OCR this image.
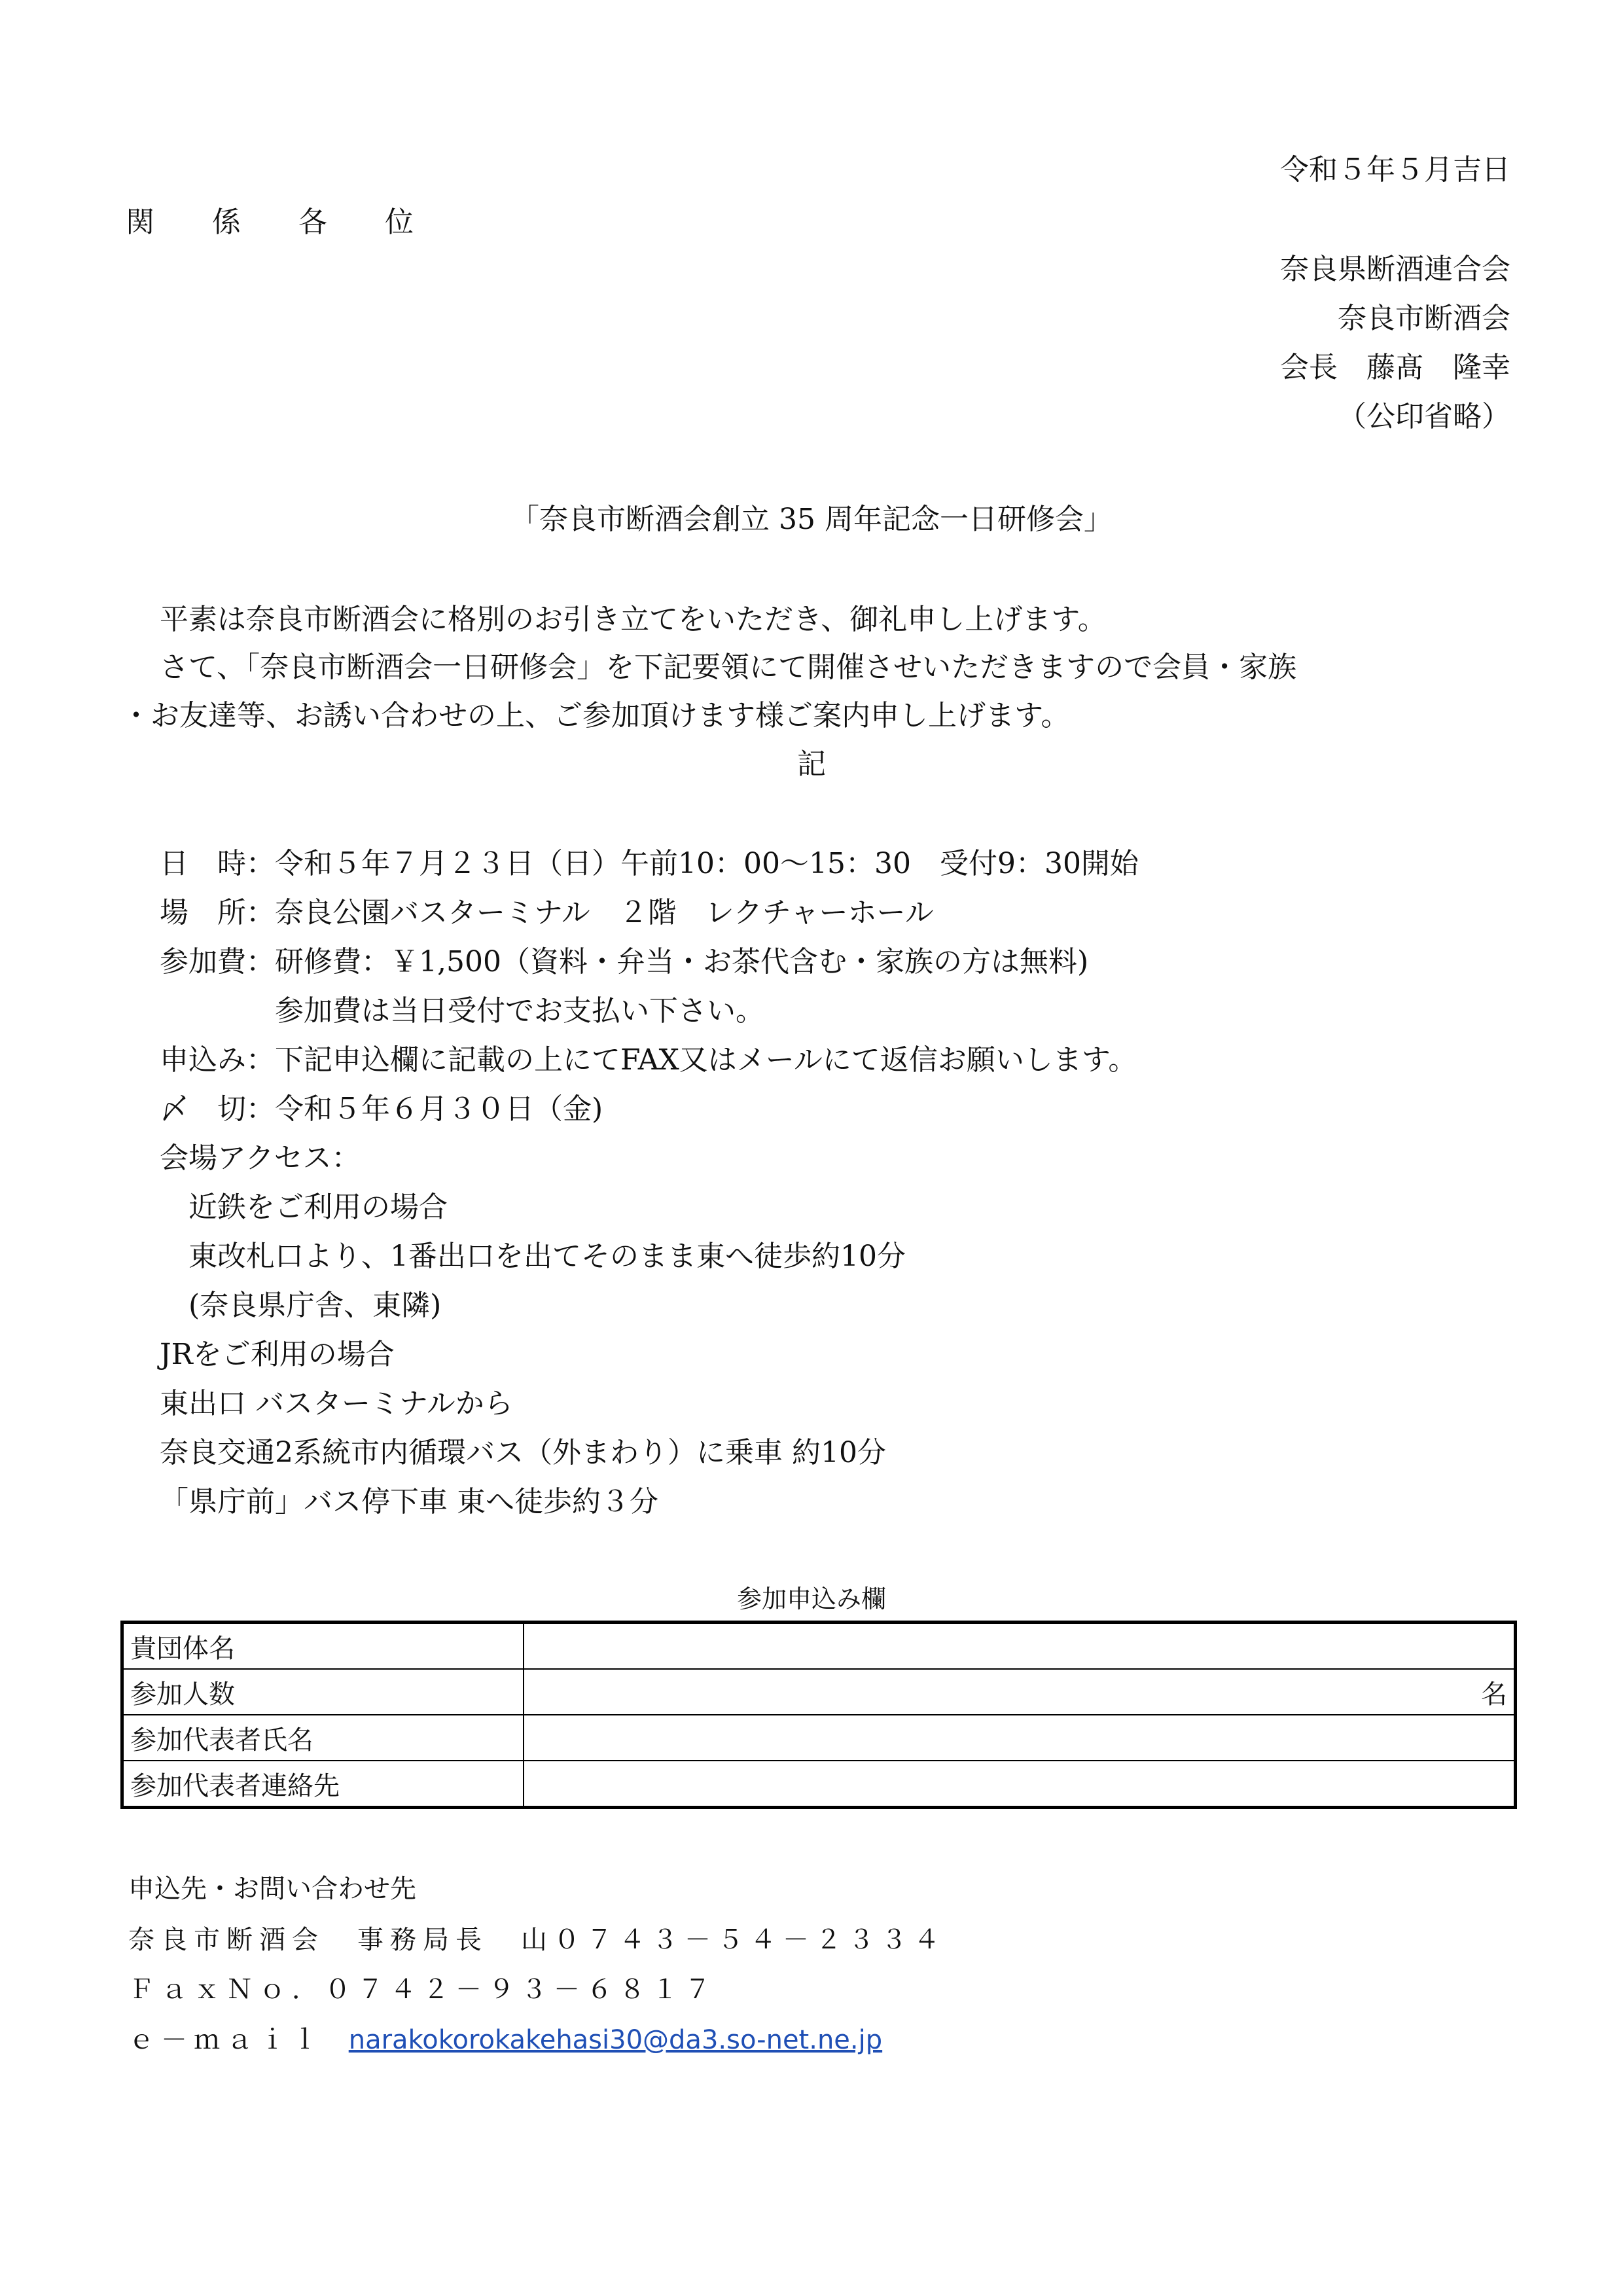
令和５年５月吉日
関　係　各　位
奈良県断酒連合会
奈良市断酒会
会長　藤髙　隆幸
（公印省略）
「奈良市断酒会創立 35 周年記念一日研修会」
平素は奈良市断酒会に格別のお引き立てをいただき、御礼申し上げます。
さて、「奈良市断酒会一日研修会」を下記要領にて開催させいただきますので会員・家族
・お友達等、お誘い合わせの上、ご参加頂けます様ご案内申し上げます。
記
日　時：令和５年７月２３日（日）午前10：00～15：30　受付9：30開始
場　所：奈良公園バスターミナル　２階　レクチャーホール
参加費：研修費：￥1,500（資料・弁当・お茶代含む・家族の方は無料)
　　　　参加費は当日受付でお支払い下さい。
申込み：下記申込欄に記載の上にてFAX又はメールにて返信お願いします。
〆　切：令和５年６月３０日（金)
会場アクセス：
　近鉄をご利用の場合
　東改札口より、1番出口を出てそのまま東へ徒歩約10分
　(奈良県庁舎、東隣)
JRをご利用の場合
東出口 バスターミナルから
奈良交通2系統市内循環バス（外まわり）に乗車 約10分
「県庁前」バス停下車 東へ徒歩約３分
参加申込み欄
貴団体名	
参加人数	名
参加代表者氏名	
参加代表者連絡先	
申込先・お問い合わせ先
奈良市断酒会　事務局長　山０７４３－５４－２３３４
ＦａｘＮｏ．０７４２－９３－６８１７
ｅ－ｍａｉｌ narakokorokakehasi30@da3.so-net.ne.jp
